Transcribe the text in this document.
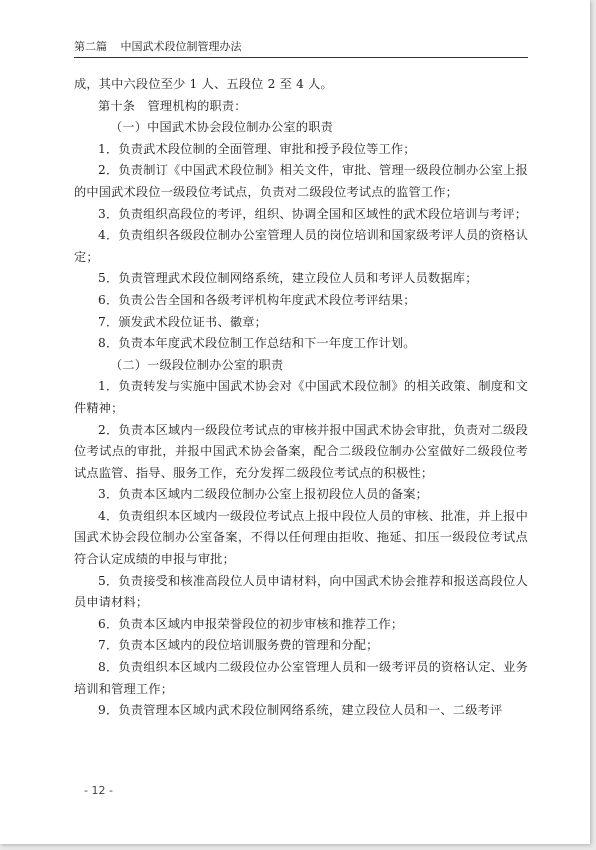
第二篇 中国武术段位制管理办法

成，其中六段位至少 1 人、五段位 2 至 4 人。

第十条　管理机构的职责：

（一）中国武术协会段位制办公室的职责

1．负责武术段位制的全面管理、审批和授予段位等工作；

2．负责制订《中国武术段位制》相关文件，审批、管理一级段位制办公室上报的中国武术段位一级段位考试点，负责对二级段位考试点的监管工作；

3．负责组织高段位的考评，组织、协调全国和区域性的武术段位培训与考评；

4．负责组织各级段位制办公室管理人员的岗位培训和国家级考评人员的资格认定；

5．负责管理武术段位制网络系统，建立段位人员和考评人员数据库；

6．负责公告全国和各级考评机构年度武术段位考评结果；

7．颁发武术段位证书、徽章；

8．负责本年度武术段位制工作总结和下一年度工作计划。

（二）一级段位制办公室的职责

1．负责转发与实施中国武术协会对《中国武术段位制》的相关政策、制度和文件精神；

2．负责本区域内一级段位考试点的审核并报中国武术协会审批，负责对二级段位考试点的审批，并报中国武术协会备案，配合二级段位制办公室做好二级段位考试点监管、指导、服务工作，充分发挥二级段位考试点的积极性；

3．负责本区域内二级段位制办公室上报初段位人员的备案；

4．负责组织本区域内一级段位考试点上报中段位人员的审核、批准，并上报中国武术协会段位制办公室备案，不得以任何理由拒收、拖延、扣压一级段位考试点符合认定成绩的申报与审批；

5．负责接受和核准高段位人员申请材料，向中国武术协会推荐和报送高段位人员申请材料；

6．负责本区域内申报荣誉段位的初步审核和推荐工作；

7．负责本区域内的段位培训服务费的管理和分配；

8．负责组织本区域内二级段位办公室管理人员和一级考评员的资格认定、业务培训和管理工作；

9．负责管理本区域内武术段位制网络系统，建立段位人员和一、二级考评

- 12 -
